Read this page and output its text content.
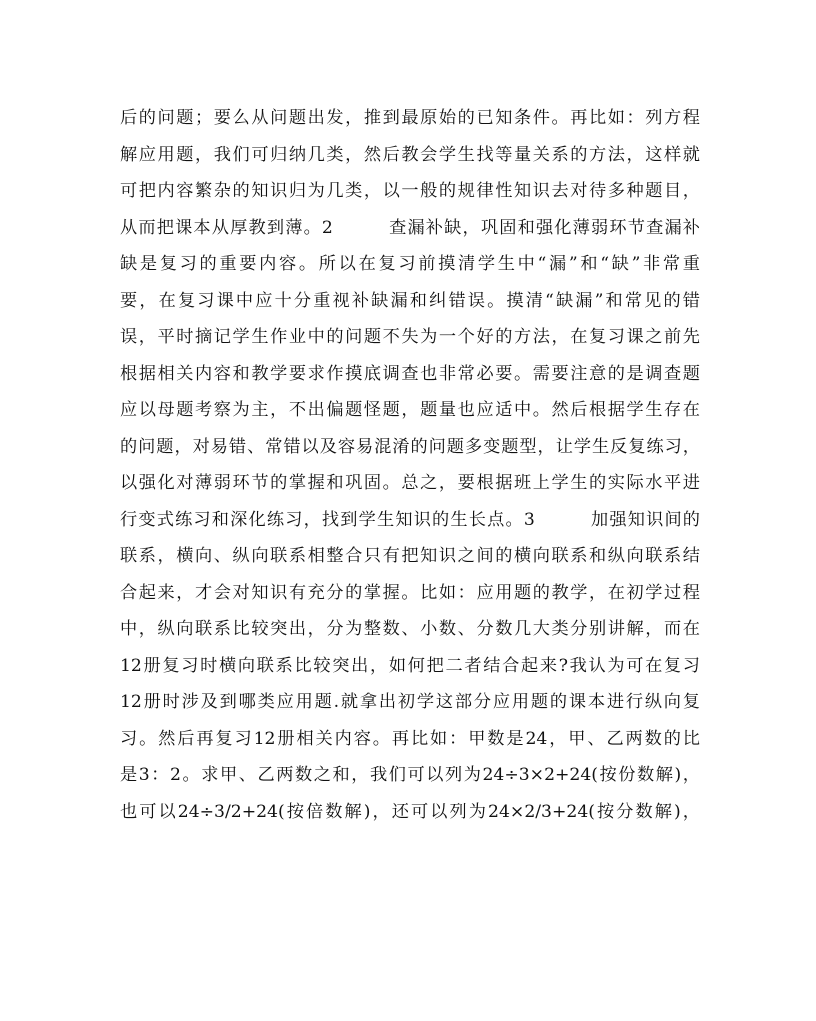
后的问题；要么从问题出发，推到最原始的已知条件。再比如：列方程
解应用题，我们可归纳几类，然后教会学生找等量关系的方法，这样就
可把内容繁杂的知识归为几类，以一般的规律性知识去对待多种题目，
从而把课本从厚教到薄。2　　　查漏补缺，巩固和强化薄弱环节查漏补
缺是复习的重要内容。所以在复习前摸清学生中“漏”和“缺”非常重
要，在复习课中应十分重视补缺漏和纠错误。摸清“缺漏”和常见的错
误，平时摘记学生作业中的问题不失为一个好的方法，在复习课之前先
根据相关内容和教学要求作摸底调查也非常必要。需要注意的是调查题
应以母题考察为主，不出偏题怪题，题量也应适中。然后根据学生存在
的问题，对易错、常错以及容易混淆的问题多变题型，让学生反复练习，
以强化对薄弱环节的掌握和巩固。总之，要根据班上学生的实际水平进
行变式练习和深化练习，找到学生知识的生长点。3　　　加强知识间的
联系，横向、纵向联系相整合只有把知识之间的横向联系和纵向联系结
合起来，才会对知识有充分的掌握。比如：应用题的教学，在初学过程
中，纵向联系比较突出，分为整数、小数、分数几大类分别讲解，而在
12册复习时横向联系比较突出，如何把二者结合起来?我认为可在复习
12册时涉及到哪类应用题.就拿出初学这部分应用题的课本进行纵向复
习。然后再复习12册相关内容。再比如：甲数是24，甲、乙两数的比
是3：2。求甲、乙两数之和，我们可以列为24÷3×2+24(按份数解)，
也可以24÷3/2+24(按倍数解)，还可以列为24×2/3+24(按分数解)，
